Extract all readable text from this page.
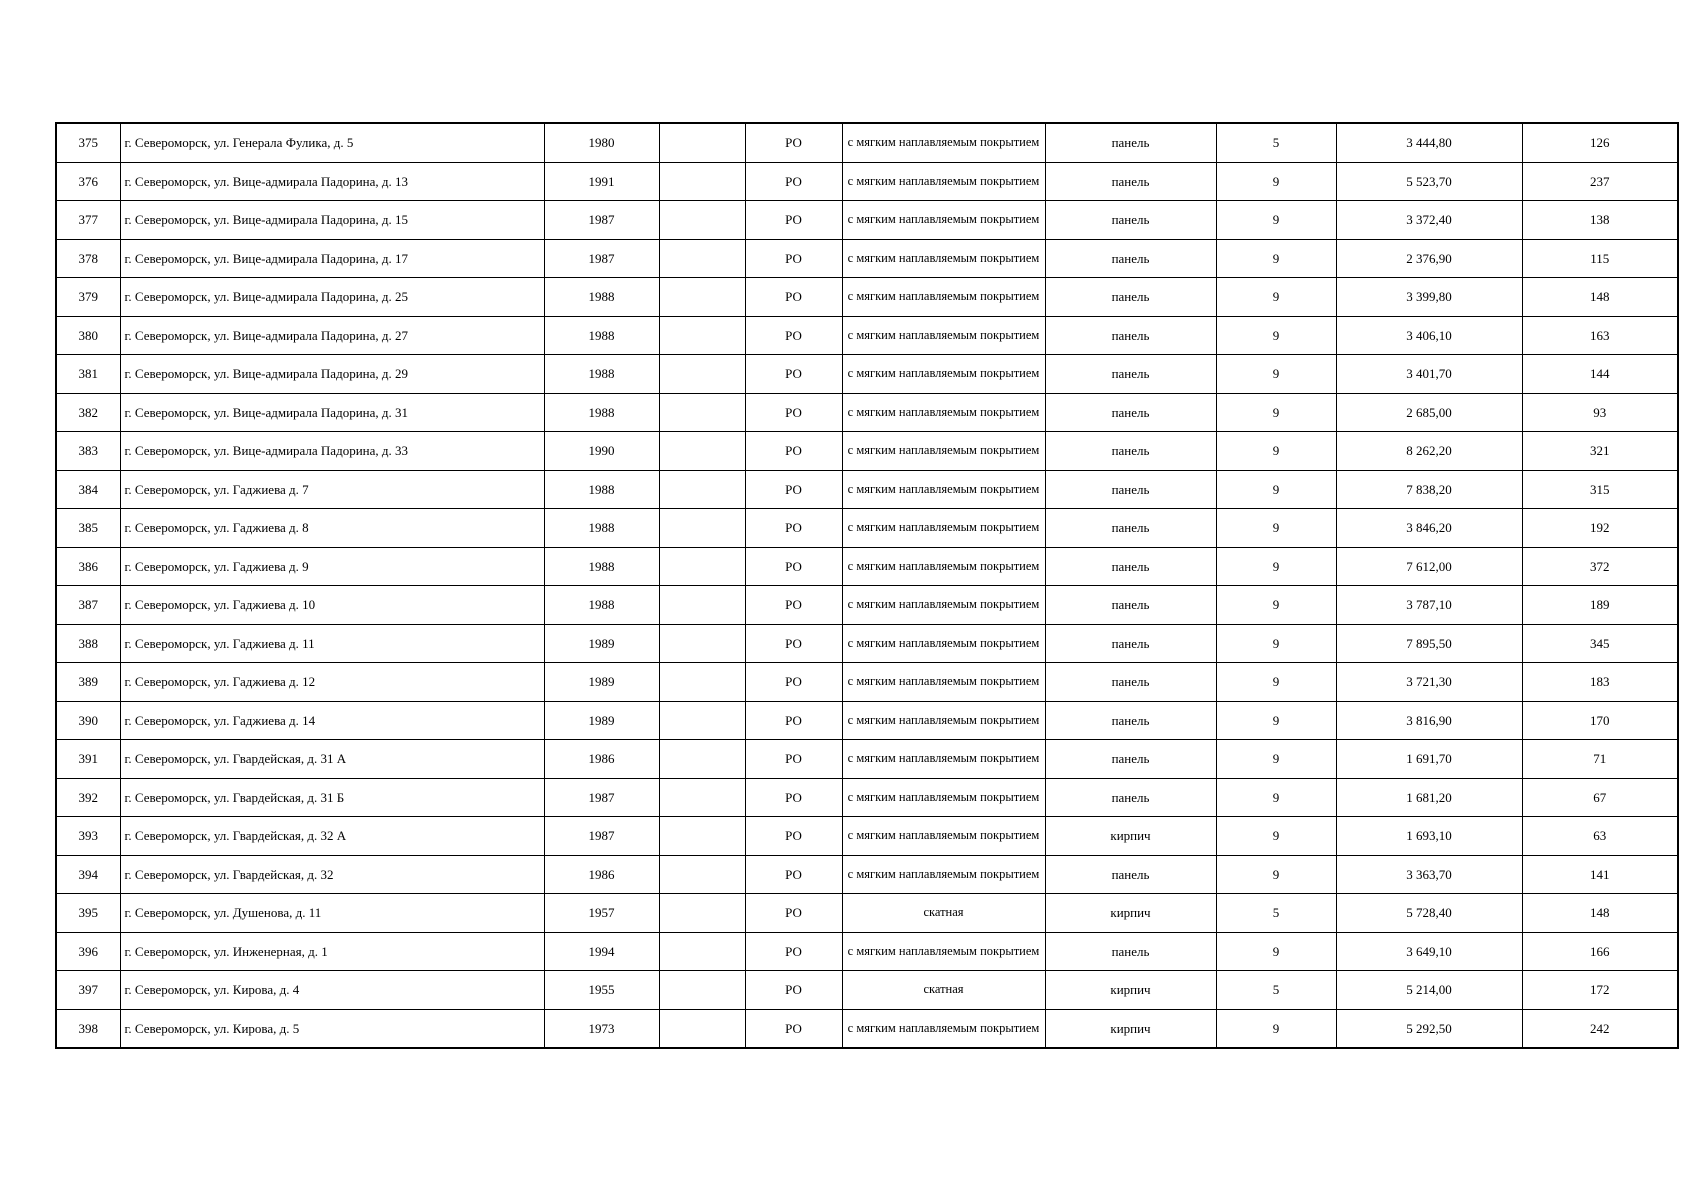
375	г. Североморск, ул. Генерала Фулика, д. 5	1980		РО	с мягким наплавляемым покрытием	панель	5	3 444,80	126
376	г. Североморск, ул. Вице-адмирала Падорина, д. 13	1991		РО	с мягким наплавляемым покрытием	панель	9	5 523,70	237
377	г. Североморск, ул. Вице-адмирала Падорина, д. 15	1987		РО	с мягким наплавляемым покрытием	панель	9	3 372,40	138
378	г. Североморск, ул. Вице-адмирала Падорина, д. 17	1987		РО	с мягким наплавляемым покрытием	панель	9	2 376,90	115
379	г. Североморск, ул. Вице-адмирала Падорина, д. 25	1988		РО	с мягким наплавляемым покрытием	панель	9	3 399,80	148
380	г. Североморск, ул. Вице-адмирала Падорина, д. 27	1988		РО	с мягким наплавляемым покрытием	панель	9	3 406,10	163
381	г. Североморск, ул. Вице-адмирала Падорина, д. 29	1988		РО	с мягким наплавляемым покрытием	панель	9	3 401,70	144
382	г. Североморск, ул. Вице-адмирала Падорина, д. 31	1988		РО	с мягким наплавляемым покрытием	панель	9	2 685,00	93
383	г. Североморск, ул. Вице-адмирала Падорина, д. 33	1990		РО	с мягким наплавляемым покрытием	панель	9	8 262,20	321
384	г. Североморск, ул. Гаджиева д. 7	1988		РО	с мягким наплавляемым покрытием	панель	9	7 838,20	315
385	г. Североморск, ул. Гаджиева д. 8	1988		РО	с мягким наплавляемым покрытием	панель	9	3 846,20	192
386	г. Североморск, ул. Гаджиева д. 9	1988		РО	с мягким наплавляемым покрытием	панель	9	7 612,00	372
387	г. Североморск, ул. Гаджиева д. 10	1988		РО	с мягким наплавляемым покрытием	панель	9	3 787,10	189
388	г. Североморск, ул. Гаджиева д. 11	1989		РО	с мягким наплавляемым покрытием	панель	9	7 895,50	345
389	г. Североморск, ул. Гаджиева д. 12	1989		РО	с мягким наплавляемым покрытием	панель	9	3 721,30	183
390	г. Североморск, ул. Гаджиева д. 14	1989		РО	с мягким наплавляемым покрытием	панель	9	3 816,90	170
391	г. Североморск, ул. Гвардейская, д. 31 А	1986		РО	с мягким наплавляемым покрытием	панель	9	1 691,70	71
392	г. Североморск, ул. Гвардейская, д. 31 Б	1987		РО	с мягким наплавляемым покрытием	панель	9	1 681,20	67
393	г. Североморск, ул. Гвардейская, д. 32 А	1987		РО	с мягким наплавляемым покрытием	кирпич	9	1 693,10	63
394	г. Североморск, ул. Гвардейская, д. 32	1986		РО	с мягким наплавляемым покрытием	панель	9	3 363,70	141
395	г. Североморск, ул. Душенова, д. 11	1957		РО	скатная	кирпич	5	5 728,40	148
396	г. Североморск, ул. Инженерная, д. 1	1994		РО	с мягким наплавляемым покрытием	панель	9	3 649,10	166
397	г. Североморск, ул. Кирова, д. 4	1955		РО	скатная	кирпич	5	5 214,00	172
398	г. Североморск, ул. Кирова, д. 5	1973		РО	с мягким наплавляемым покрытием	кирпич	9	5 292,50	242
